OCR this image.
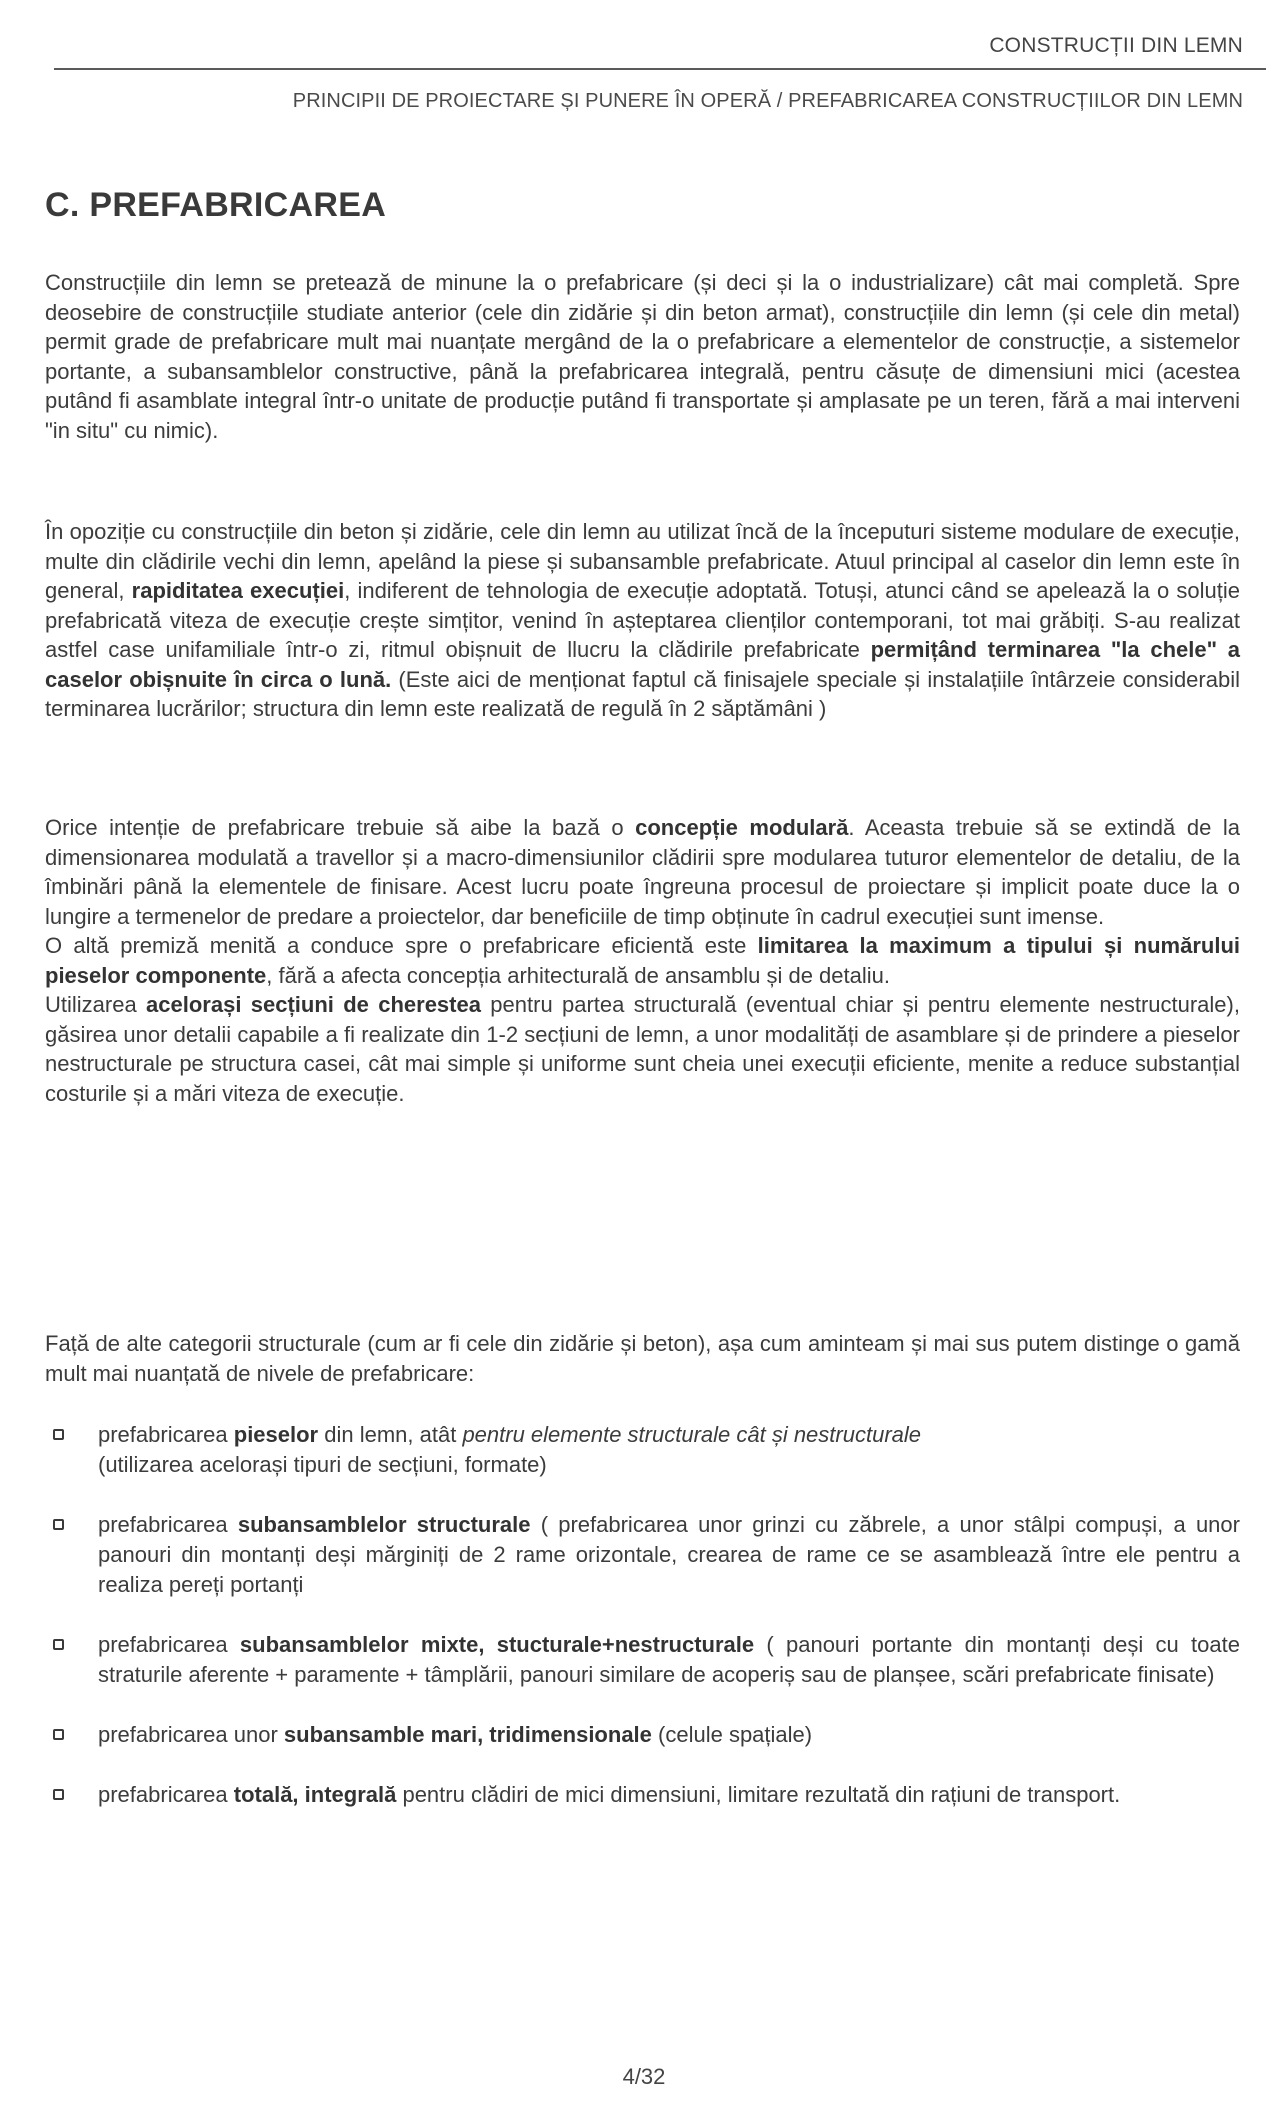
CONSTRUCȚII DIN LEMN
PRINCIPII DE PROIECTARE ȘI PUNERE ÎN OPERĂ / PREFABRICAREA CONSTRUCȚIILOR DIN LEMN
C. PREFABRICAREA
Construcțiile din lemn se pretează de minune la o prefabricare (și deci și la o industrializare) cât mai completă. Spre deosebire de construcțiile studiate anterior (cele din zidărie și din beton armat), construcțiile din lemn (și cele din metal) permit grade de prefabricare mult mai nuanțate mergând de la o prefabricare a elementelor de construcție, a sistemelor portante, a subansamblelor constructive, până la prefabricarea integrală, pentru căsuțe de dimensiuni mici (acestea putând fi asamblate integral într-o unitate de producție putând fi transportate și amplasate pe un teren, fără a mai interveni "in situ" cu nimic).
În opoziție cu construcțiile din beton și zidărie, cele din lemn au utilizat încă de la începuturi sisteme modulare de execuție, multe din clădirile vechi din lemn, apelând la piese și subansamble prefabricate. Atuul principal al caselor din lemn este în general, rapiditatea execuției, indiferent de tehnologia de execuție adoptată. Totuși, atunci când se apelează la o soluție prefabricată viteza de execuție crește simțitor, venind în așteptarea clienților contemporani, tot mai grăbiți. S-au realizat astfel case unifamiliale într-o zi, ritmul obișnuit de llucru la clădirile prefabricate permițând terminarea "la chele" a caselor obișnuite în circa o lună. (Este aici de menționat faptul că finisajele speciale și instalațiile întârzeie considerabil terminarea lucrărilor; structura din lemn este realizată de regulă în 2 săptămâni )
Orice intenție de prefabricare trebuie să aibe la bază o concepție modulară. Aceasta trebuie să se extindă de la dimensionarea modulată a travellor și a macro-dimensiunilor clădirii spre modularea tuturor elementelor de detaliu, de la îmbinări până la elementele de finisare. Acest lucru poate îngreuna procesul de proiectare și implicit poate duce la o lungire a termenelor de predare a proiectelor, dar beneficiile de timp obținute în cadrul execuției sunt imense.
O altă premiză menită a conduce spre o prefabricare eficientă este limitarea la maximum a tipului și numărului pieselor componente, fără a afecta concepția arhitecturală de ansamblu și de detaliu.
Utilizarea acelorași secțiuni de cherestea pentru partea structurală (eventual chiar și pentru elemente nestructurale), găsirea unor detalii capabile a fi realizate din 1-2 secțiuni de lemn, a unor modalități de asamblare și de prindere a pieselor nestructurale pe structura casei, cât mai simple și uniforme sunt cheia unei execuții eficiente, menite a reduce substanțial costurile și a mări viteza de execuție.
Față de alte categorii structurale (cum ar fi cele din zidărie și beton), așa cum aminteam și mai sus putem distinge o gamă mult mai nuanțată de nivele de prefabricare:
prefabricarea pieselor din lemn, atât pentru elemente structurale cât și nestructurale
(utilizarea acelorași tipuri de secțiuni, formate)
prefabricarea subansamblelor structurale ( prefabricarea unor grinzi cu zăbrele, a unor stâlpi compuși, a unor panouri din montanți deși mărginiți de 2 rame orizontale, crearea de rame ce se asamblează între ele pentru a realiza pereți portanți
prefabricarea subansamblelor mixte, stucturale+nestructurale ( panouri portante din montanți deși cu toate straturile aferente + paramente + tâmplării, panouri similare de acoperiș sau de planșee, scări prefabricate finisate)
prefabricarea unor subansamble mari, tridimensionale (celule spațiale)
prefabricarea totală, integrală pentru clădiri de mici dimensiuni, limitare rezultată din rațiuni de transport.
4/32
